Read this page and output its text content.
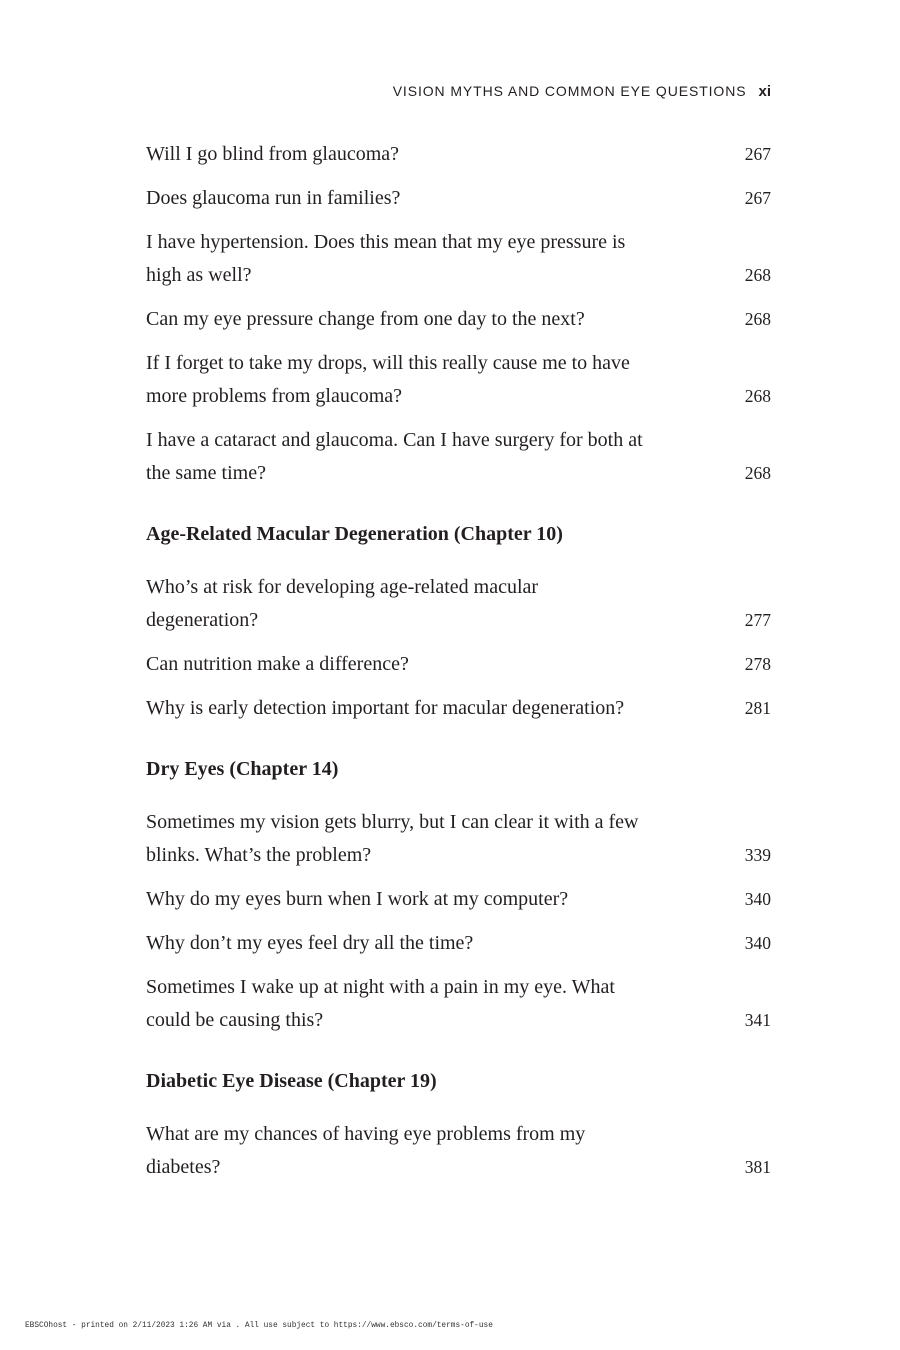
VISION MYTHS AND COMMON EYE QUESTIONS xi
Will I go blind from glaucoma?	267
Does glaucoma run in families?	267
I have hypertension. Does this mean that my eye pressure is high as well?	268
Can my eye pressure change from one day to the next?	268
If I forget to take my drops, will this really cause me to have more problems from glaucoma?	268
I have a cataract and glaucoma. Can I have surgery for both at the same time?	268
Age-Related Macular Degeneration (Chapter 10)
Who’s at risk for developing age-related macular degeneration?	277
Can nutrition make a difference?	278
Why is early detection important for macular degeneration?	281
Dry Eyes (Chapter 14)
Sometimes my vision gets blurry, but I can clear it with a few blinks. What’s the problem?	339
Why do my eyes burn when I work at my computer?	340
Why don’t my eyes feel dry all the time?	340
Sometimes I wake up at night with a pain in my eye. What could be causing this?	341
Diabetic Eye Disease (Chapter 19)
What are my chances of having eye problems from my diabetes?	381
EBSCOhost - printed on 2/11/2023 1:26 AM via . All use subject to https://www.ebsco.com/terms-of-use
